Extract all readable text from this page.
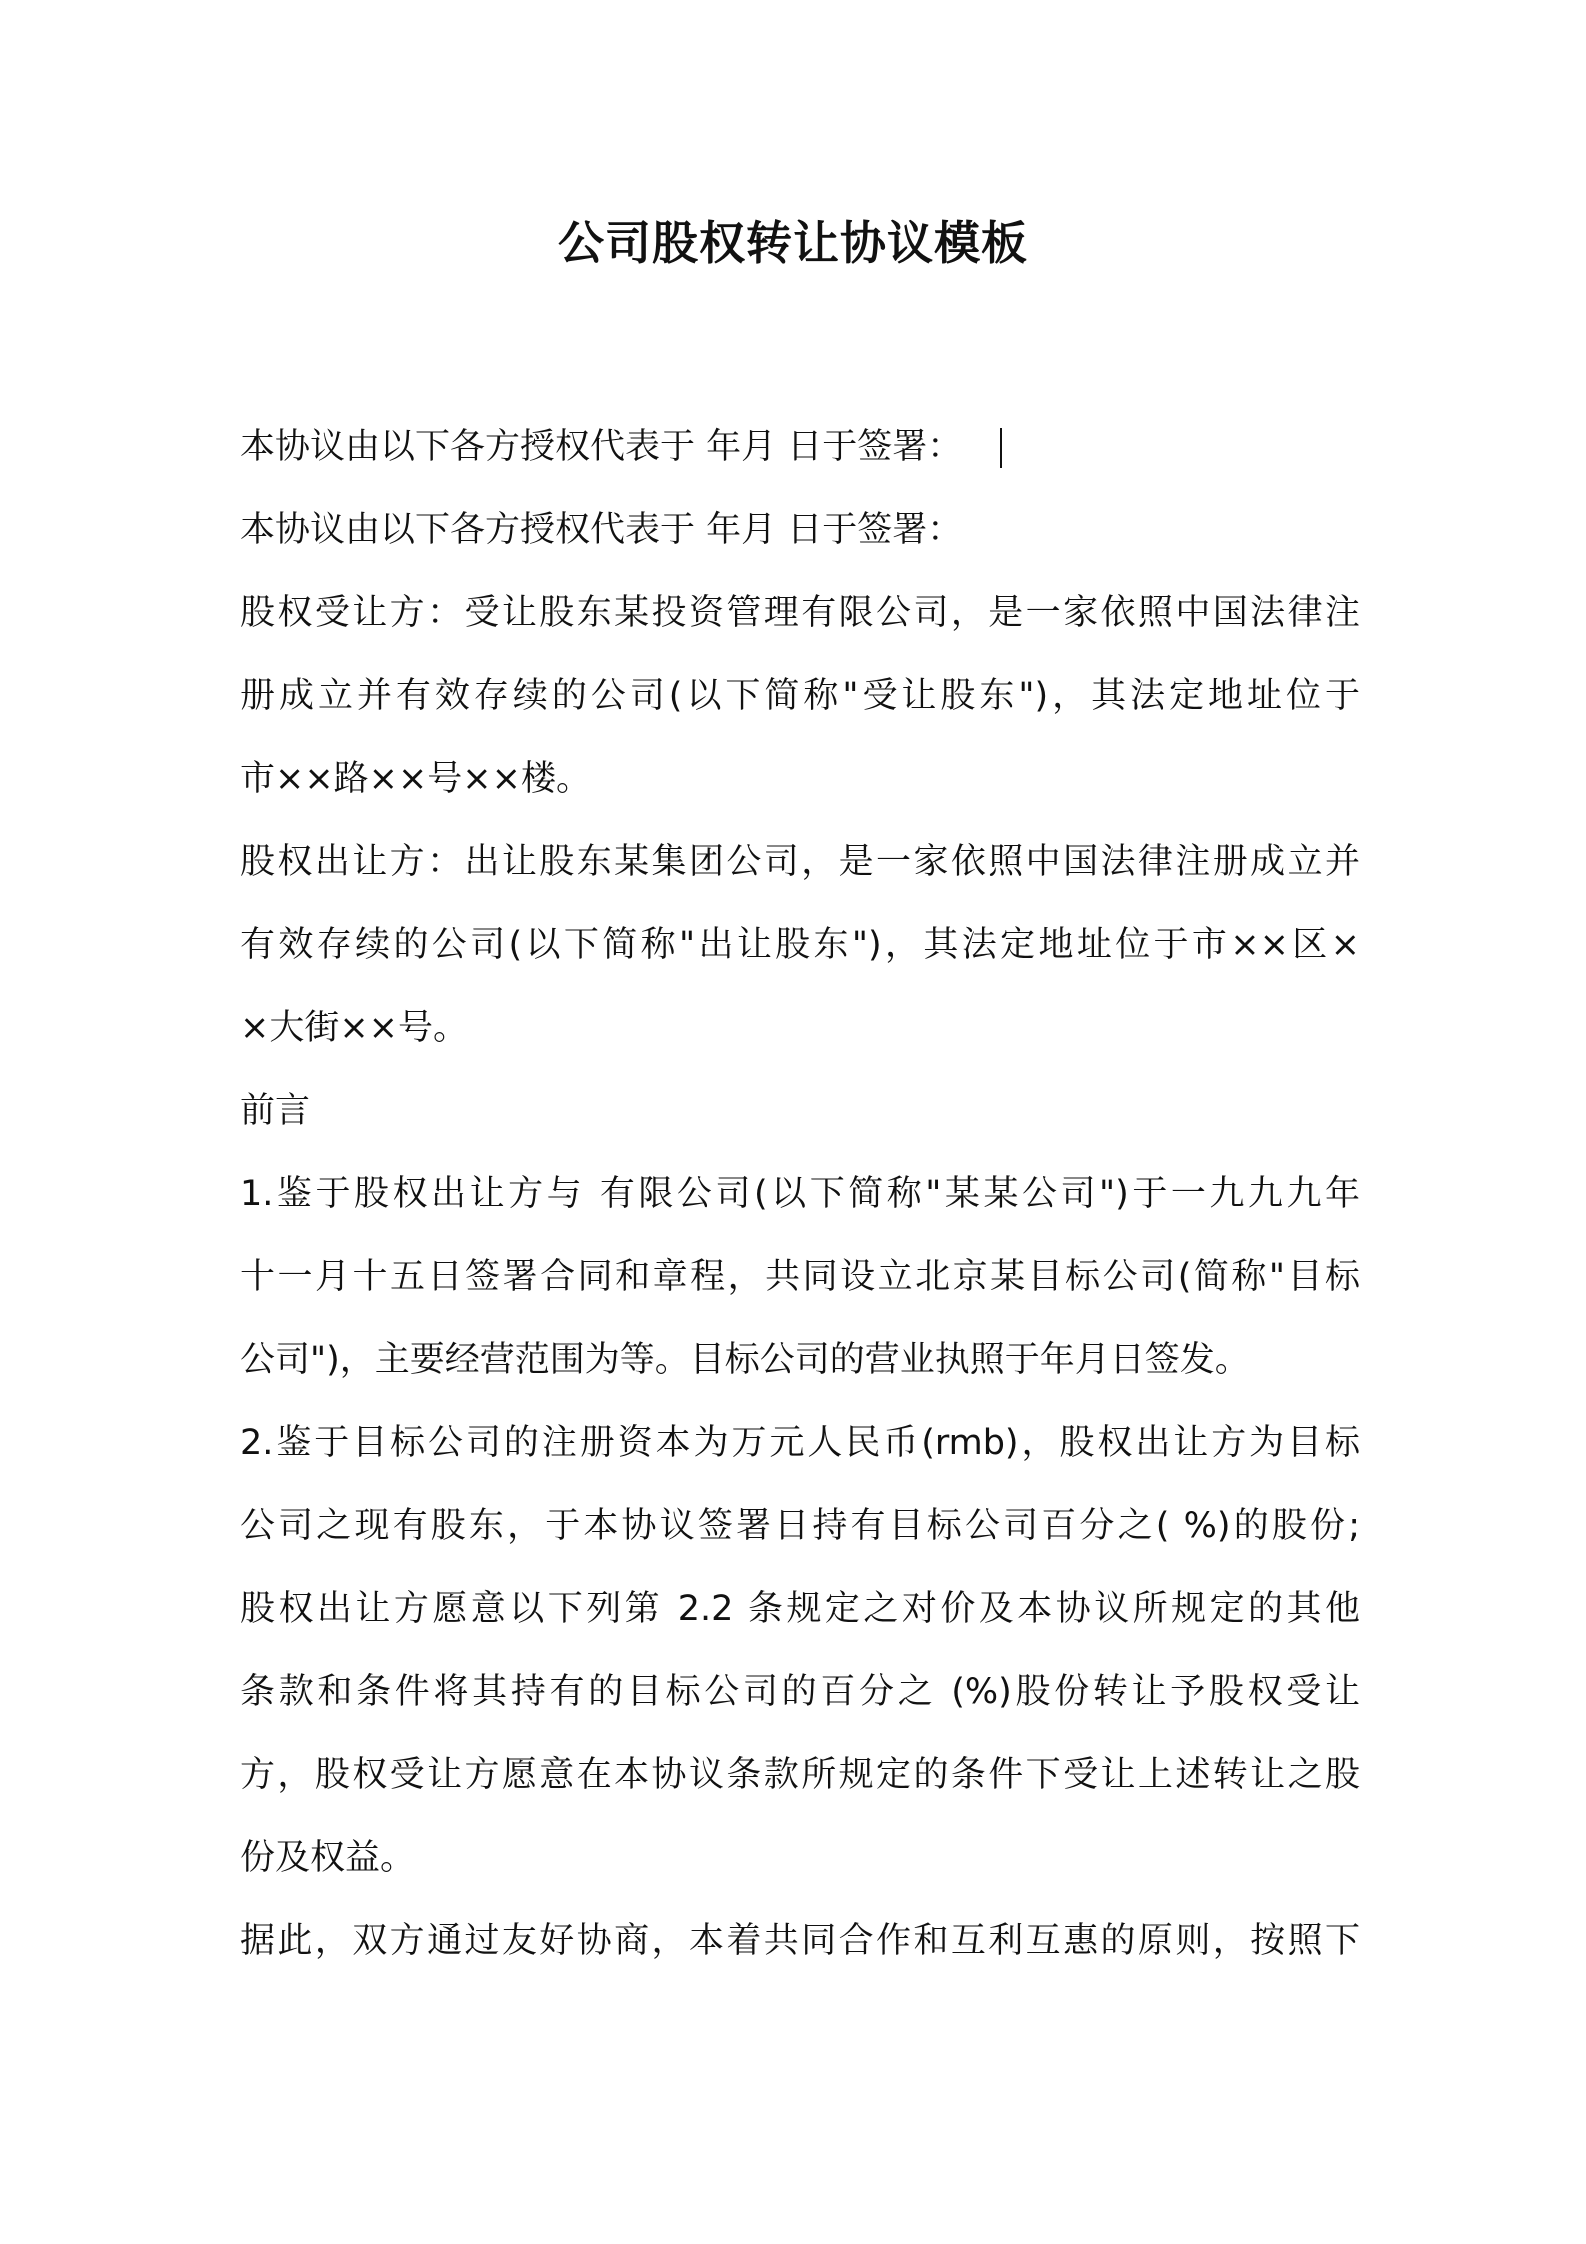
公司股权转让协议模板
本协议由以下各方授权代表于 年月 日于签署：
本协议由以下各方授权代表于 年月 日于签署：
股权受让方：受让股东某投资管理有限公司，是一家依照中国法律注
册成立并有效存续的公司(以下简称"受让股东")，其法定地址位于
市××路××号××楼。
股权出让方：出让股东某集团公司，是一家依照中国法律注册成立并
有效存续的公司(以下简称"出让股东")，其法定地址位于市××区×
×大街××号。
前言
1.鉴于股权出让方与 有限公司(以下简称"某某公司")于一九九九年
十一月十五日签署合同和章程，共同设立北京某目标公司(简称"目标
公司")，主要经营范围为等。目标公司的营业执照于年月日签发。
2.鉴于目标公司的注册资本为万元人民币(rmb)，股权出让方为目标
公司之现有股东，于本协议签署日持有目标公司百分之( %)的股份;
股权出让方愿意以下列第 2.2 条规定之对价及本协议所规定的其他
条款和条件将其持有的目标公司的百分之 (%)股份转让予股权受让
方，股权受让方愿意在本协议条款所规定的条件下受让上述转让之股
份及权益。
据此，双方通过友好协商，本着共同合作和互利互惠的原则，按照下
